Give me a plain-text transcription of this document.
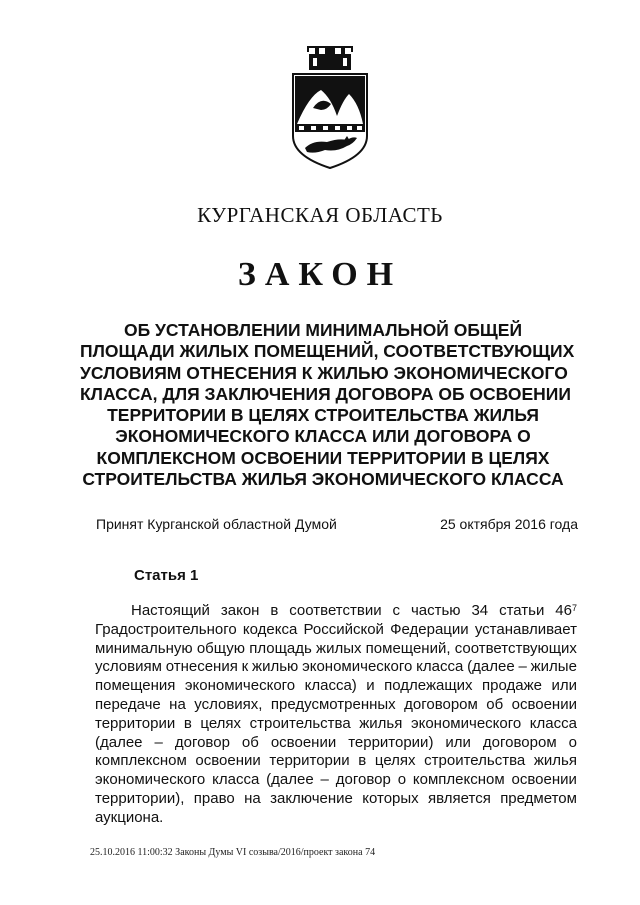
КУРГАНСКАЯ ОБЛАСТЬ
ЗАКОН
ОБ УСТАНОВЛЕНИИ МИНИМАЛЬНОЙ ОБЩЕЙ
ПЛОЩАДИ ЖИЛЫХ ПОМЕЩЕНИЙ, СООТВЕТСТВУЮЩИХ
УСЛОВИЯМ ОТНЕСЕНИЯ К ЖИЛЬЮ ЭКОНОМИЧЕСКОГО
КЛАССА, ДЛЯ ЗАКЛЮЧЕНИЯ ДОГОВОРА ОБ ОСВОЕНИИ
ТЕРРИТОРИИ В ЦЕЛЯХ СТРОИТЕЛЬСТВА ЖИЛЬЯ
ЭКОНОМИЧЕСКОГО КЛАССА ИЛИ ДОГОВОРА О
КОМПЛЕКСНОМ ОСВОЕНИИ ТЕРРИТОРИИ В ЦЕЛЯХ
СТРОИТЕЛЬСТВА ЖИЛЬЯ ЭКОНОМИЧЕСКОГО КЛАССА
Принят Курганской областной Думой	25 октября 2016 года
Статья 1
Настоящий закон в соответствии с частью 34 статьи $46^7$
Градостроительного кодекса Российской Федерации устанавливает
минимальную общую площадь жилых помещений, соответствующих
условиям отнесения к жилью экономического класса (далее – жилые
помещения экономического класса) и подлежащих продаже или
передаче на условиях, предусмотренных договором об освоении
территории в целях строительства жилья экономического класса
(далее – договор об освоении территории) или договором о
комплексном освоении территории в целях строительства жилья
экономического класса (далее – договор о комплексном освоении
территории), право на заключение которых является предметом
аукциона.
25.10.2016 11:00:32 Законы Думы VI созыва/2016/проект закона 74
